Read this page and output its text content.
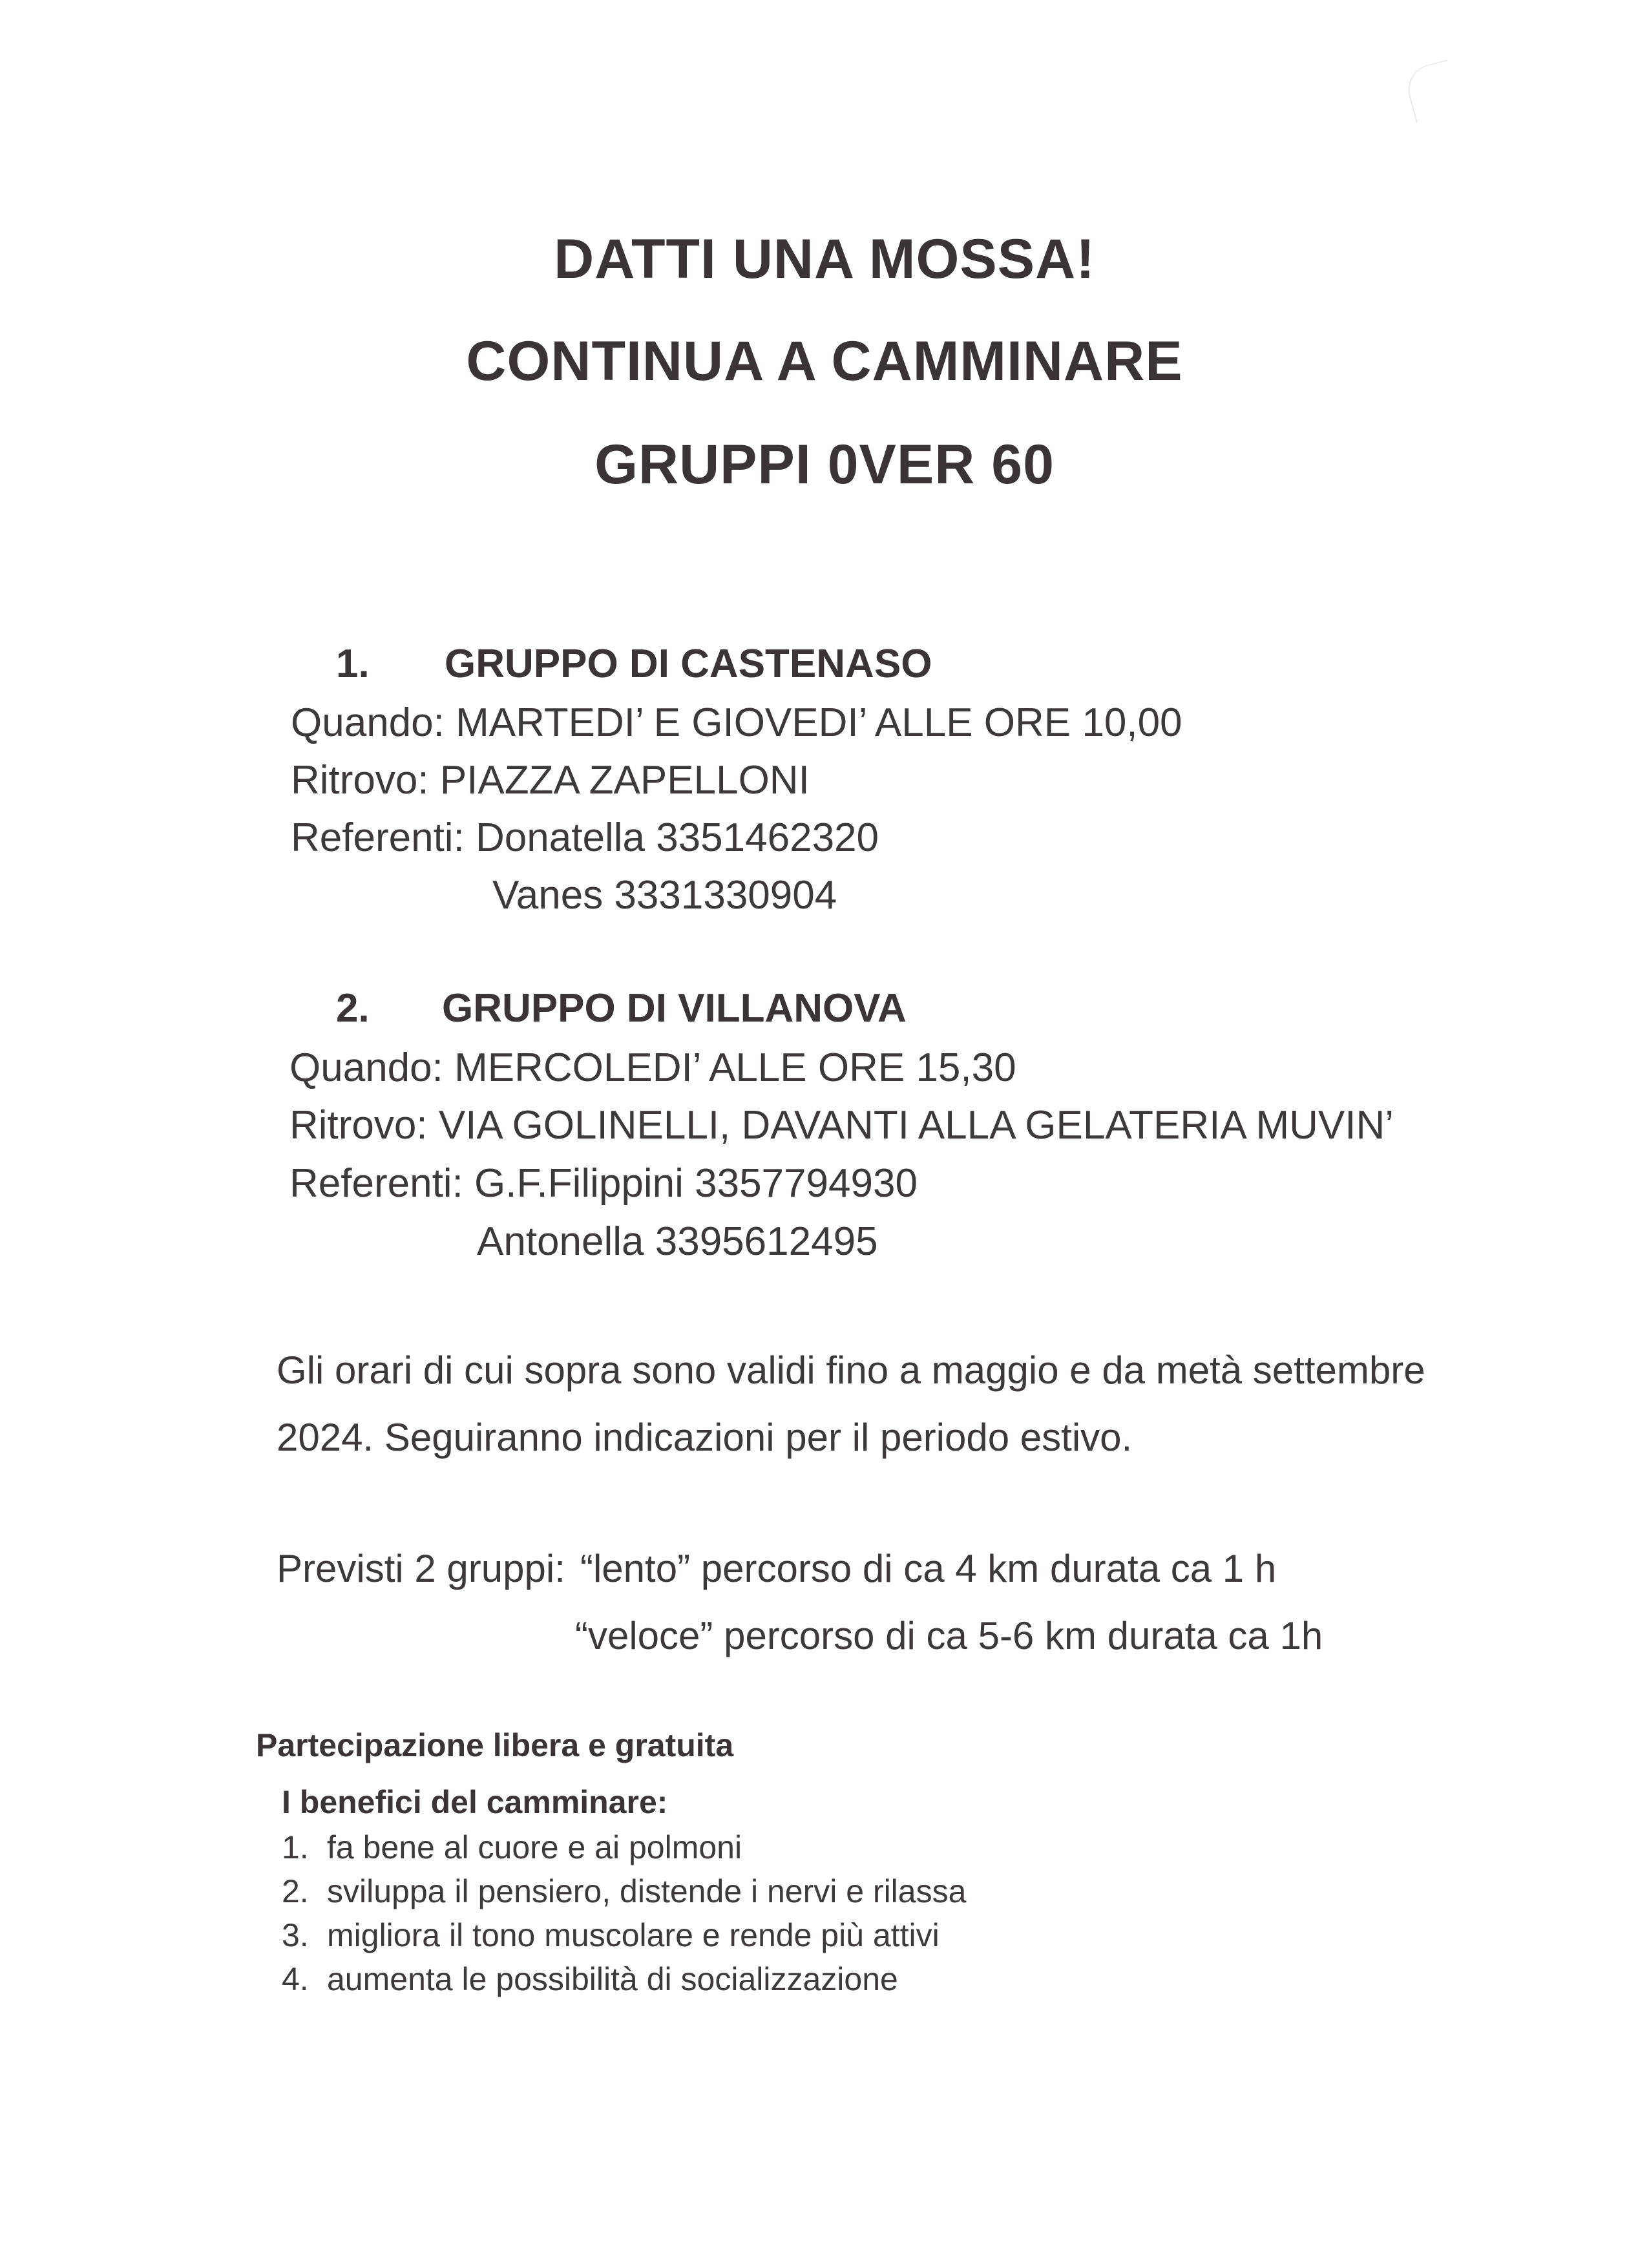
DATTI UNA MOSSA!
CONTINUA A CAMMINARE
GRUPPI 0VER 60
1. GRUPPO DI CASTENASO
Quando: MARTEDI’ E GIOVEDI’ ALLE ORE 10,00
Ritrovo: PIAZZA ZAPELLONI
Referenti: Donatella 3351462320
Vanes 3331330904
2. GRUPPO DI VILLANOVA
Quando: MERCOLEDI’ ALLE ORE 15,30
Ritrovo: VIA GOLINELLI, DAVANTI ALLA GELATERIA MUVIN’
Referenti: G.F.Filippini 3357794930
Antonella 3395612495
Gli orari di cui sopra sono validi fino a maggio e da metà settembre
2024. Seguiranno indicazioni per il periodo estivo.
Previsti 2 gruppi: “lento” percorso di ca 4 km durata ca 1 h
“veloce” percorso di ca 5-6 km durata ca 1h
Partecipazione libera e gratuita
I benefici del camminare:
1. fa bene al cuore e ai polmoni
2. sviluppa il pensiero, distende i nervi e rilassa
3. migliora il tono muscolare e rende più attivi
4. aumenta le possibilità di socializzazione
